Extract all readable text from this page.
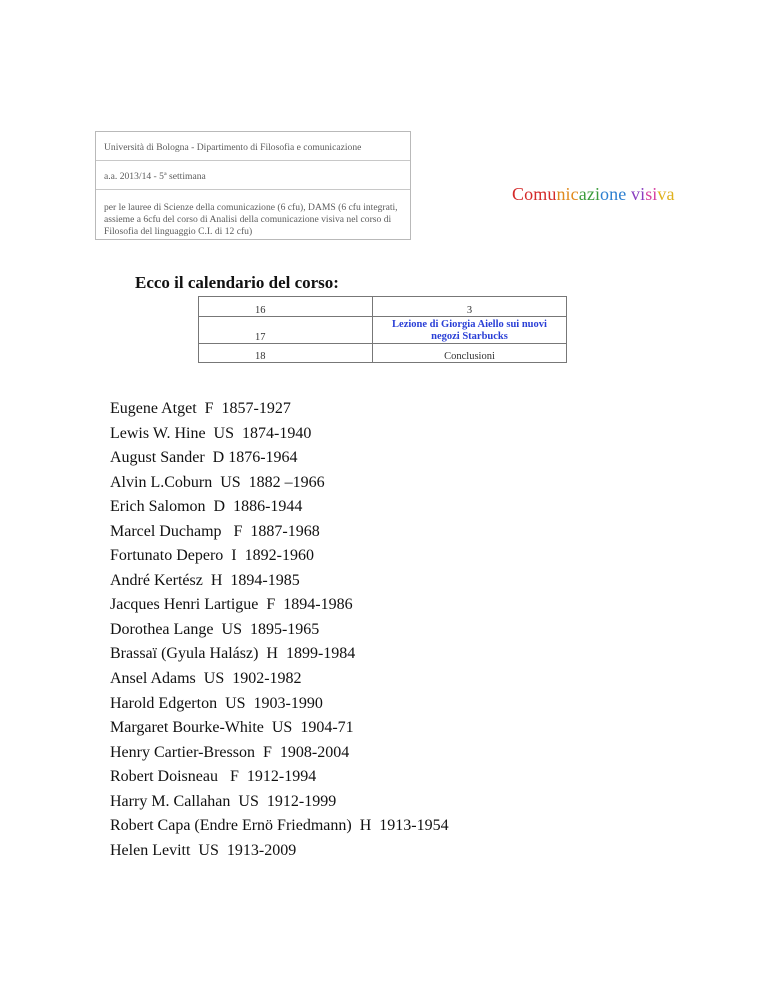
Università di Bologna - Dipartimento di Filosofia e comunicazione
a.a. 2013/14 - 5ª settimana
per le lauree di Scienze della comunicazione (6 cfu), DAMS (6 cfu integrati, assieme a 6cfu del corso di Analisi della comunicazione visiva nel corso di Filosofia del linguaggio C.I. di 12 cfu)
Comunicazione visiva
Ecco il calendario del corso:
16	3
17	Lezione di Giorgia Aiello sui nuovi negozi Starbucks

18	Conclusioni
Eugene Atget  F  1857-1927
Lewis W. Hine  US  1874-1940
August Sander  D 1876-1964
Alvin L.Coburn  US  1882 –1966
Erich Salomon  D  1886-1944
Marcel Duchamp   F  1887-1968
Fortunato Depero  I  1892-1960
André Kertész  H  1894-1985
Jacques Henri Lartigue  F  1894-1986
Dorothea Lange  US  1895-1965
Brassaï (Gyula Halász)  H  1899-1984
Ansel Adams  US  1902-1982
Harold Edgerton  US  1903-1990
Margaret Bourke-White  US  1904-71
Henry Cartier-Bresson  F  1908-2004
Robert Doisneau   F  1912-1994
Harry M. Callahan  US  1912-1999
Robert Capa (Endre Ernö Friedmann)  H  1913-1954
Helen Levitt  US  1913-2009
